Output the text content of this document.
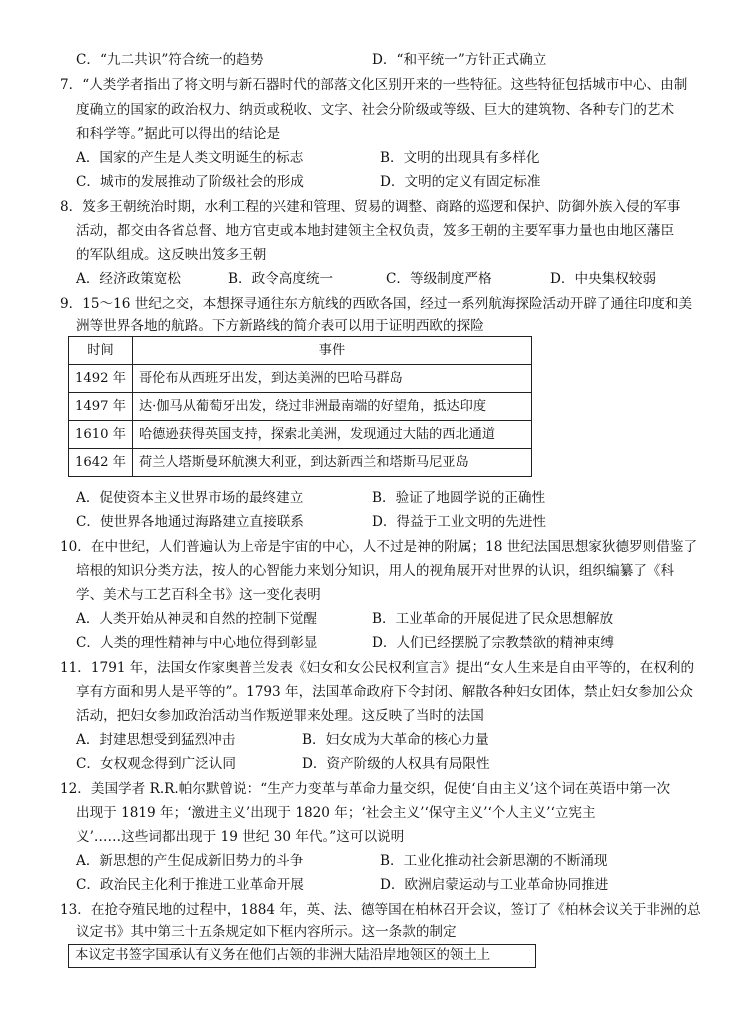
C．“九二共识”符合统一的趋势	D．“和平统一”方针正式确立
7．“人类学者指出了将文明与新石器时代的部落文化区别开来的一些特征。这些特征包括城市中心、由制
度确立的国家的政治权力、纳贡或税收、文字、社会分阶级或等级、巨大的建筑物、各种专门的艺术
和科学等。”据此可以得出的结论是
A．国家的产生是人类文明诞生的标志	B．文明的出现具有多样化
C．城市的发展推动了阶级社会的形成	D．文明的定义有固定标准
8．笈多王朝统治时期，水利工程的兴建和管理、贸易的调整、商路的巡逻和保护、防御外族入侵的军事
活动，都交由各省总督、地方官吏或本地封建领主全权负责，笈多王朝的主要军事力量也由地区藩臣
的军队组成。这反映出笈多王朝
A．经济政策宽松	B．政令高度统一	C．等级制度严格	D．中央集权较弱
9．15～16 世纪之交，本想探寻通往东方航线的西欧各国，经过一系列航海探险活动开辟了通往印度和美
洲等世界各地的航路。下方新路线的简介表可以用于证明西欧的探险
时间	事件
1492 年	哥伦布从西班牙出发，到达美洲的巴哈马群岛
1497 年	达·伽马从葡萄牙出发，绕过非洲最南端的好望角，抵达印度
1610 年	哈德逊获得英国支持，探索北美洲，发现通过大陆的西北通道
1642 年	荷兰人塔斯曼环航澳大利亚，到达新西兰和塔斯马尼亚岛
A．促使资本主义世界市场的最终建立	B．验证了地圆学说的正确性
C．使世界各地通过海路建立直接联系	D．得益于工业文明的先进性
10．在中世纪，人们普遍认为上帝是宇宙的中心，人不过是神的附属；18 世纪法国思想家狄德罗则借鉴了
培根的知识分类方法，按人的心智能力来划分知识，用人的视角展开对世界的认识，组织编纂了《科
学、美术与工艺百科全书》这一变化表明
A．人类开始从神灵和自然的控制下觉醒	B．工业革命的开展促进了民众思想解放
C．人类的理性精神与中心地位得到彰显	D．人们已经摆脱了宗教禁欲的精神束缚
11．1791 年，法国女作家奥普兰发表《妇女和女公民权利宣言》提出“女人生来是自由平等的，在权利的
享有方面和男人是平等的”。1793 年，法国革命政府下令封闭、解散各种妇女团体，禁止妇女参加公众
活动，把妇女参加政治活动当作叛逆罪来处理。这反映了当时的法国
A．封建思想受到猛烈冲击	B．妇女成为大革命的核心力量
C．女权观念得到广泛认同	D．资产阶级的人权具有局限性
12．美国学者 R.R.帕尔默曾说：“生产力变革与革命力量交织，促使‘自由主义’这个词在英语中第一次
出现于 1819 年；‘激进主义’出现于 1820 年；‘社会主义’‘保守主义’‘个人主义’‘立宪主
义’……这些词都出现于 19 世纪 30 年代。”这可以说明
A．新思想的产生促成新旧势力的斗争	B．工业化推动社会新思潮的不断涌现
C．政治民主化利于推进工业革命开展	D．欧洲启蒙运动与工业革命协同推进
13．在抢夺殖民地的过程中，1884 年，英、法、德等国在柏林召开会议，签订了《柏林会议关于非洲的总
议定书》其中第三十五条规定如下框内容所示。这一条款的制定
本议定书签字国承认有义务在他们占领的非洲大陆沿岸地领区的领土上
